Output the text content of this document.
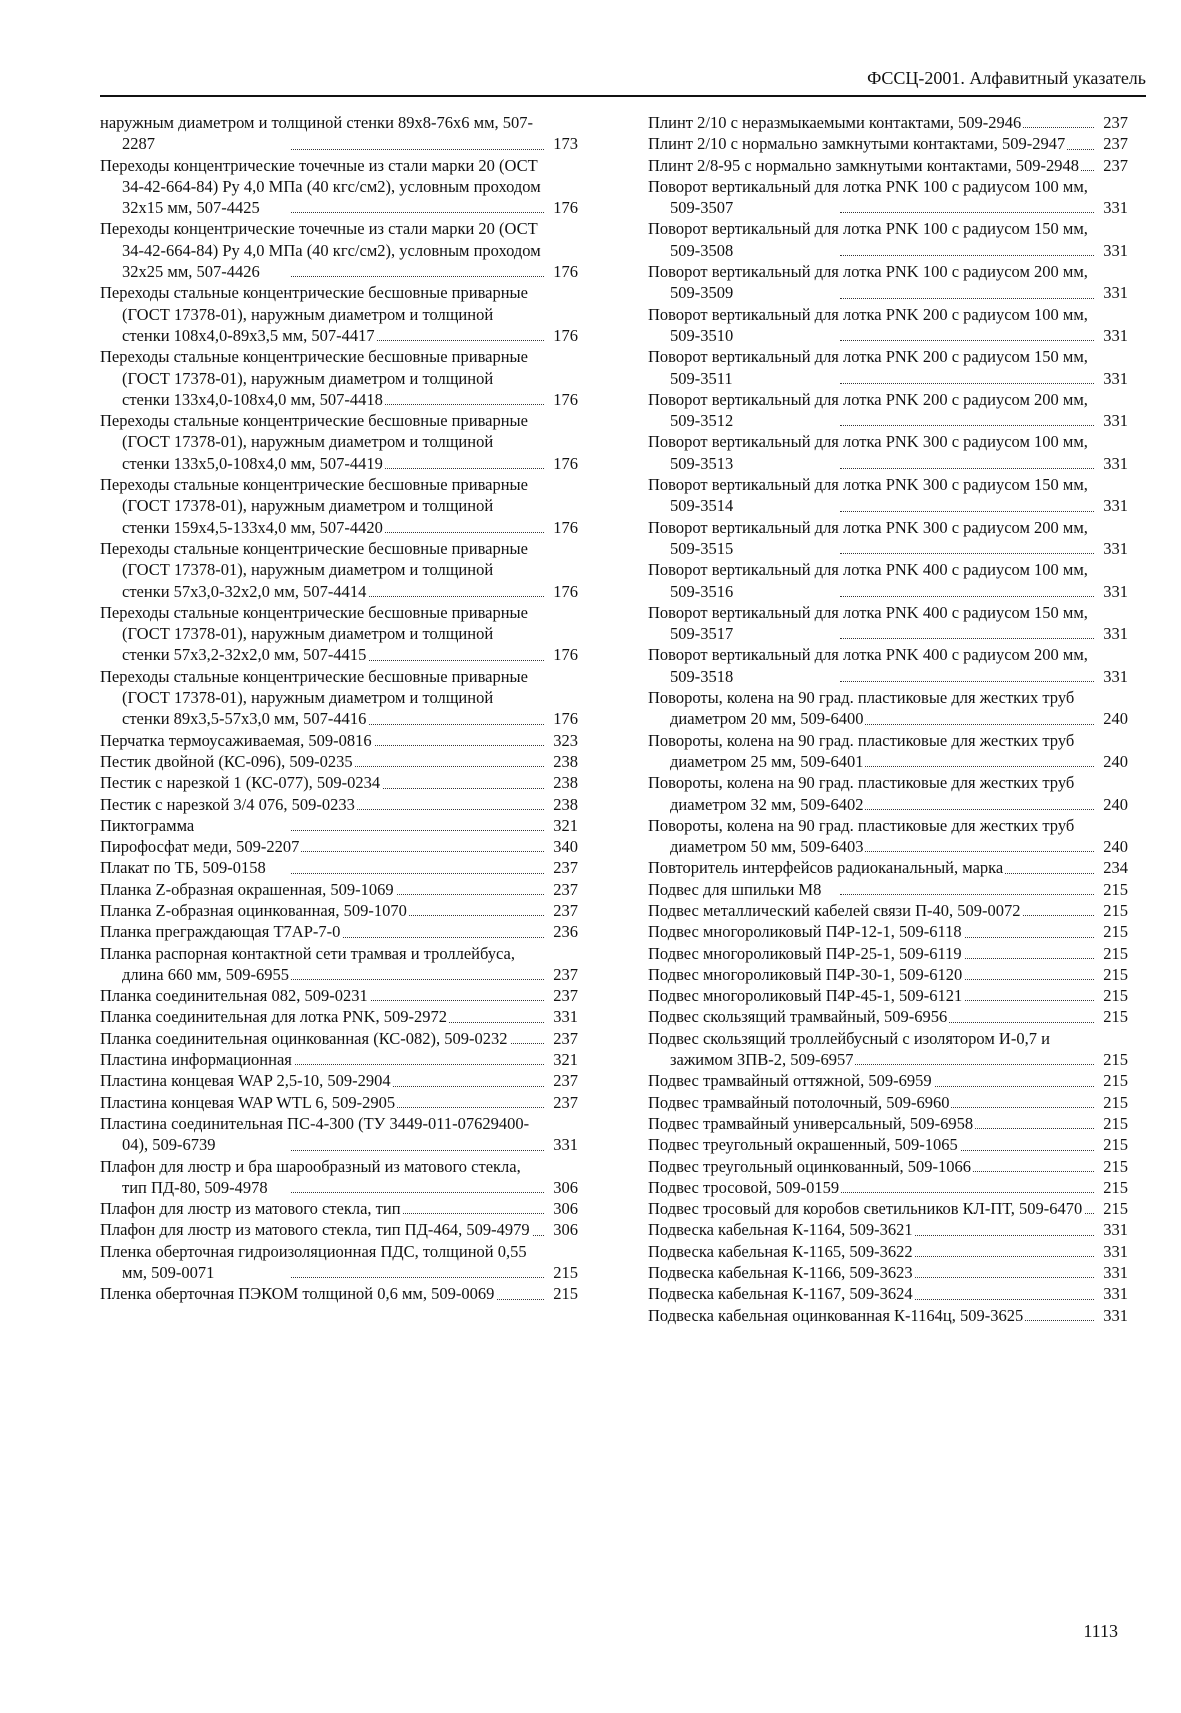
ФССЦ-2001. Алфавитный указатель
наружным диаметром и толщиной стенки 89х8-76х6 мм, 507-2287	173
Переходы концентрические точечные из стали марки 20 (ОСТ 34-42-664-84) Ру 4,0 МПа (40 кгс/см2), условным проходом 32х15 мм, 507-4425	176
Переходы концентрические точечные из стали марки 20 (ОСТ 34-42-664-84) Ру 4,0 МПа (40 кгс/см2), условным проходом 32х25 мм, 507-4426	176
Переходы стальные концентрические бесшовные приварные (ГОСТ 17378-01), наружным диаметром и толщиной стенки 108х4,0-89х3,5 мм, 507-4417	176
Переходы стальные концентрические бесшовные приварные (ГОСТ 17378-01), наружным диаметром и толщиной стенки 133х4,0-108х4,0 мм, 507-4418	176
Переходы стальные концентрические бесшовные приварные (ГОСТ 17378-01), наружным диаметром и толщиной стенки 133х5,0-108х4,0 мм, 507-4419	176
Переходы стальные концентрические бесшовные приварные (ГОСТ 17378-01), наружным диаметром и толщиной стенки 159х4,5-133х4,0 мм, 507-4420	176
Переходы стальные концентрические бесшовные приварные (ГОСТ 17378-01), наружным диаметром и толщиной стенки 57х3,0-32х2,0 мм, 507-4414	176
Переходы стальные концентрические бесшовные приварные (ГОСТ 17378-01), наружным диаметром и толщиной стенки 57х3,2-32х2,0 мм, 507-4415	176
Переходы стальные концентрические бесшовные приварные (ГОСТ 17378-01), наружным диаметром и толщиной стенки 89х3,5-57х3,0 мм, 507-4416	176
Перчатка термоусаживаемая, 509-0816	323
Пестик двойной (КС-096), 509-0235	238
Пестик с нарезкой 1 (КС-077), 509-0234	238
Пестик с нарезкой 3/4 076, 509-0233	238
Пиктограмма	321
Пирофосфат меди, 509-2207	340
Плакат по ТБ, 509-0158	237
Планка Z-образная окрашенная, 509-1069	237
Планка Z-образная оцинкованная, 509-1070	237
Планка преграждающая Т7АР-7-0	236
Планка распорная контактной сети трамвая и троллейбуса, длина 660 мм, 509-6955	237
Планка соединительная 082, 509-0231	237
Планка соединительная для лотка PNK, 509-2972	331
Планка соединительная оцинкованная (КС-082), 509-0232	237
Пластина информационная	321
Пластина концевая WAP 2,5-10, 509-2904	237
Пластина концевая WAP WTL 6, 509-2905	237
Пластина соединительная ПС-4-300 (ТУ 3449-011-07629400-04), 509-6739	331
Плафон для люстр и бра шарообразный из матового стекла, тип ПД-80, 509-4978	306
Плафон для люстр из матового стекла, тип	306
Плафон для люстр из матового стекла, тип ПД-464, 509-4979 306
Пленка оберточная гидроизоляционная ПДС, толщиной 0,55 мм, 509-0071	215
Пленка оберточная ПЭКОМ толщиной 0,6 мм, 509-0069	215
Плинт 2/10 с неразмыкаемыми контактами, 509-2946	237
Плинт 2/10 с нормально замкнутыми контактами, 509-2947 237
Плинт 2/8-95 с нормально замкнутыми контактами, 509-2948 237
Поворот вертикальный для лотка PNK 100 с радиусом 100 мм, 509-3507	331
Поворот вертикальный для лотка PNK 100 с радиусом 150 мм, 509-3508	331
Поворот вертикальный для лотка PNK 100 с радиусом 200 мм, 509-3509	331
Поворот вертикальный для лотка PNK 200 с радиусом 100 мм, 509-3510	331
Поворот вертикальный для лотка PNK 200 с радиусом 150 мм, 509-3511	331
Поворот вертикальный для лотка PNK 200 с радиусом 200 мм, 509-3512	331
Поворот вертикальный для лотка PNK 300 с радиусом 100 мм, 509-3513	331
Поворот вертикальный для лотка PNK 300 с радиусом 150 мм, 509-3514	331
Поворот вертикальный для лотка PNK 300 с радиусом 200 мм, 509-3515	331
Поворот вертикальный для лотка PNK 400 с радиусом 100 мм, 509-3516	331
Поворот вертикальный для лотка PNK 400 с радиусом 150 мм, 509-3517	331
Поворот вертикальный для лотка PNK 400 с радиусом 200 мм, 509-3518	331
Повороты, колена на 90 град. пластиковые для жестких труб диаметром 20 мм, 509-6400	240
Повороты, колена на 90 град. пластиковые для жестких труб диаметром 25 мм, 509-6401	240
Повороты, колена на 90 град. пластиковые для жестких труб диаметром 32 мм, 509-6402	240
Повороты, колена на 90 град. пластиковые для жестких труб диаметром 50 мм, 509-6403	240
Повторитель интерфейсов радиоканальный, марка	234
Подвес для шпильки М8	215
Подвес металлический кабелей связи П-40, 509-0072	215
Подвес многороликовый П4Р-12-1, 509-6118	215
Подвес многороликовый П4Р-25-1, 509-6119	215
Подвес многороликовый П4Р-30-1, 509-6120	215
Подвес многороликовый П4Р-45-1, 509-6121	215
Подвес скользящий трамвайный, 509-6956	215
Подвес скользящий троллейбусный с изолятором И-0,7 и зажимом ЗПВ-2, 509-6957	215
Подвес трамвайный оттяжной, 509-6959	215
Подвес трамвайный потолочный, 509-6960	215
Подвес трамвайный универсальный, 509-6958	215
Подвес треугольный окрашенный, 509-1065	215
Подвес треугольный оцинкованный, 509-1066	215
Подвес тросовой, 509-0159	215
Подвес тросовый для коробов светильников КЛ-ПТ, 509-6470 215
Подвеска кабельная К-1164, 509-3621	331
Подвеска кабельная К-1165, 509-3622	331
Подвеска кабельная К-1166, 509-3623	331
Подвеска кабельная К-1167, 509-3624	331
Подвеска кабельная оцинкованная К-1164ц, 509-3625	331
1113
